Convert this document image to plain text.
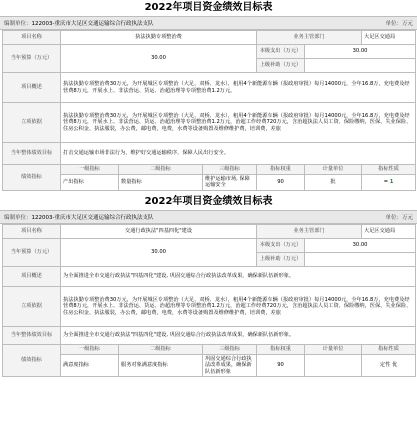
2022年项目资金绩效目标表
编制单位：122003-重庆市大足区交通运输综合行政执法支队	单位：万元
项目名称	执法执勤专项整治费			业务主管部门		大足区交通局
当年预算（万元）	30.00			本级支出（万元）	30.00	
				上级补助（万元）		
项目概述	执法执勤专项整治费30万元，为开展城区专项整治（大足、双桥、龙水），租用4个新能源车辆（报政府审批）每月14000元，全年16.8万，充电费及经营费8万元，开展水上、非法营运、货运、治超治理等专项整治费1.2万元。					
立项依据	执法执勤专项整治费30万元，为开展城区专项整治（大足、双桥、龙水），租用4个新能源车辆（报政府审批）每月14000元，全年16.8万，充电费及经营费8万元，开展水上、非法营运、货运、治超治理等专项整治费1.2万元，治超工作经费720万元，含治超执法人员工资、保险缴纳，医保、失业保险、住房公积金、执法服装，办公费，邮电费，电费，水费等设备购置及维修维护费，培训费，差旅					
当年整体绩效目标	打击交通运输市场非法行为，维护好交通运输秩序，保障人民出行安全。					
绩效指标	一级指标	二级指标	三级指标	指标权重	计量单位	指标性质
	产出指标	数量指标	维护运输市场, 保障运输安全	90	批	= 1
2022年项目资金绩效目标表
编制单位：122003-重庆市大足区交通运输综合行政执法支队	单位：万元
项目名称	交通行政执法"四基四化"建设			业务主管部门		大足区交通局
当年预算（万元）	30.00			本级支出（万元）	30.00	
				上级补助（万元）		
项目概述	为全面推进全市交通行政执法"四基四化"建设, 巩固交通综合行政执法改革成果，确保新队伍新形象。					
立项依据	执法执勤专项整治费30万元，为开展城区专项整治（大足、双桥、龙水），租用4个新能源车辆（报政府审批）每月14000元，全年16.8万，充电费及经营费8万元，开展水上、非法营运、货运、治超治理等专项整治费1.2万元，治超工作经费720万元，含治超执法人员工资、保险缴纳，医保、失业保险、住房公积金、执法服装，办公费，邮电费，电费，水费等设备购置及维修维护费，培训费，差旅					
当年整体绩效目标	为全面推进全市交通行政执法"四基四化"建设, 巩固交通综合行政执法改革成果，确保新队伍新形象。					
绩效指标	一级指标	二级指标	三级指标	指标权重	计量单位	指标性质
	满意度指标	服务对象满意度指标	巩固交通综合行政执法改革成果，确保新队伍新形象	90		定性 优
